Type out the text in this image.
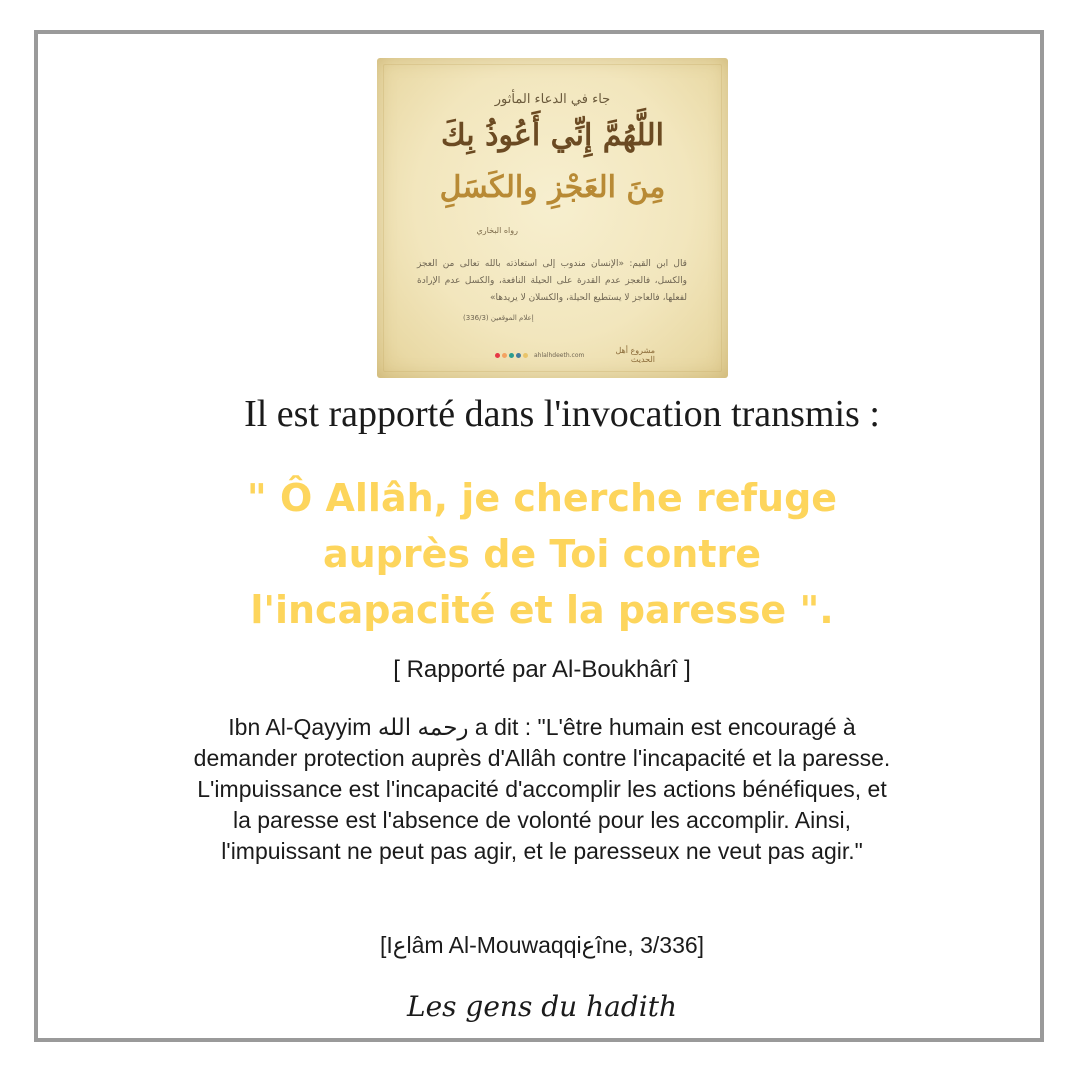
جاء في الدعاء المأثور
اللَّهُمَّ إِنِّي أَعُوذُ بِكَ
مِنَ العَجْزِ والكَسَلِ
رواه البخاري
قال ابن القيم: «الإنسان مندوب إلى استعاذته بالله تعالى من العجز والكسل، فالعجز عدم القدرة على الحيلة النافعة، والكسل عدم الإرادة لفعلها، فالعاجز لا يستطيع الحيلة، والكسلان لا يريدها»
إعلام الموقعين (336/3)
ahlalhdeeth.com	مشروع أهل الحديث
Il est rapporté dans l'invocation transmis :
" Ô Allâh, je cherche refuge
auprès de Toi contre
l'incapacité et la paresse ".
[ Rapporté par Al-Boukhârî ]
Ibn Al-Qayyim رحمه الله a dit : "L'être humain est encouragé à
demander protection auprès d'Allâh contre l'incapacité et la paresse.
L'impuissance est l'incapacité d'accomplir les actions bénéfiques, et
la paresse est l'absence de volonté pour les accomplir. Ainsi,
l'impuissant ne peut pas agir, et le paresseux ne veut pas agir."
[Iعlâm Al-Mouwaqqiعîne, 3/336]
Les gens du hadith
